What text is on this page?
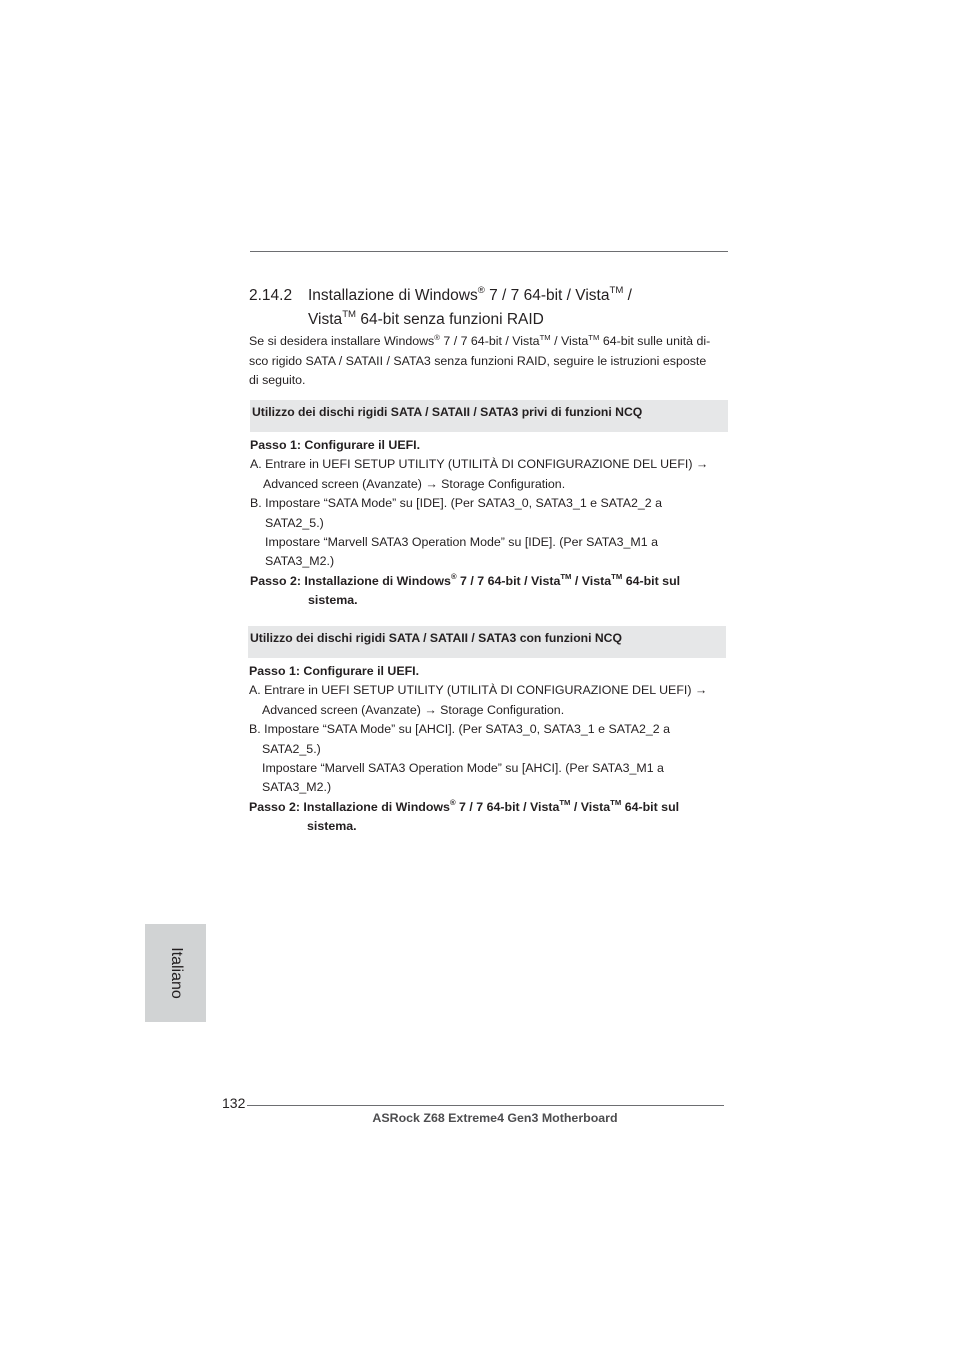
2.14.2 Installazione di Windows® 7 / 7 64-bit / Vista™ /
Vista™ 64-bit senza funzioni RAID
Se si desidera installare Windows® 7 / 7 64-bit / Vista™ / Vista™ 64-bit sulle unità di-
sco rigido SATA / SATAII / SATA3 senza funzioni RAID, seguire le istruzioni esposte
di seguito.
Utilizzo dei dischi rigidi SATA / SATAII / SATA3 privi di funzioni NCQ
Passo 1: Configurare il UEFI.
A. Entrare in UEFI SETUP UTILITY (UTILITÀ DI CONFIGURAZIONE DEL UEFI) →
Advanced screen (Avanzate) → Storage Configuration.
B. Impostare “SATA Mode” su [IDE]. (Per SATA3_0, SATA3_1 e SATA2_2 a
SATA2_5.)
Impostare “Marvell SATA3 Operation Mode” su [IDE]. (Per SATA3_M1 a
SATA3_M2.)
Passo 2: Installazione di Windows® 7 / 7 64-bit / Vista™ / Vista™ 64-bit sul
sistema.
Utilizzo dei dischi rigidi SATA / SATAII / SATA3 con funzioni NCQ
Passo 1: Configurare il UEFI.
A. Entrare in UEFI SETUP UTILITY (UTILITÀ DI CONFIGURAZIONE DEL UEFI) →
Advanced screen (Avanzate) → Storage Configuration.
B. Impostare “SATA Mode” su [AHCI]. (Per SATA3_0, SATA3_1 e SATA2_2 a
SATA2_5.)
Impostare “Marvell SATA3 Operation Mode” su [AHCI]. (Per SATA3_M1 a
SATA3_M2.)
Passo 2: Installazione di Windows® 7 / 7 64-bit / Vista™ / Vista™ 64-bit sul
sistema.
Italiano
132
ASRock Z68 Extreme4 Gen3 Motherboard
